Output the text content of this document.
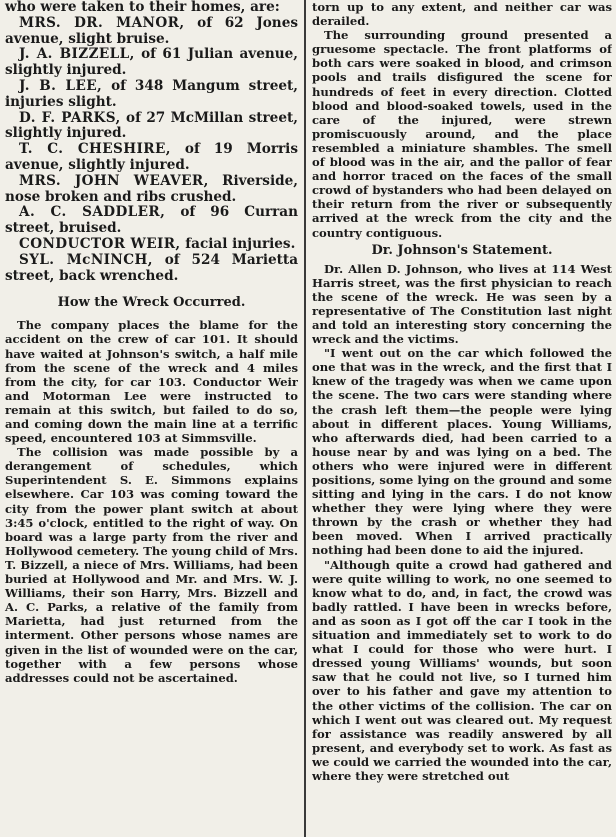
who were taken to their homes, are:

MRS. DR. MANOR, of 62 Jones avenue, slight bruise.

J. A. BIZZELL, of 61 Julian avenue, slightly injured.

J. B. LEE, of 348 Mangum street, injuries slight.

D. F. PARKS, of 27 McMillan street, slightly injured.

T. C. CHESHIRE, of 19 Morris avenue, slightly injured.

MRS. JOHN WEAVER, Riverside, nose broken and ribs crushed.

A. C. SADDLER, of 96 Curran street, bruised.

CONDUCTOR WEIR, facial injuries.

SYL. McNINCH, of 524 Marietta street, back wrenched.

How the Wreck Occurred.

The company places the blame for the accident on the crew of car 101. It should have waited at Johnson's switch, a half mile from the scene of the wreck and 4 miles from the city, for car 103. Conductor Weir and Motorman Lee were instructed to remain at this switch, but failed to do so, and coming down the main line at a terrific speed, encountered 103 at Simmsville.

The collision was made possible by a derangement of schedules, which Superintendent S. E. Simmons explains elsewhere. Car 103 was coming toward the city from the power plant switch at about 3:45 o'clock, entitled to the right of way. On board was a large party from the river and Hollywood cemetery. The young child of Mrs. T. Bizzell, a niece of Mrs. Williams, had been buried at Hollywood and Mr. and Mrs. W. J. Williams, their son Harry, Mrs. Bizzell and A. C. Parks, a relative of the family from Marietta, had just returned from the interment. Other persons whose names are given in the list of wounded were on the car, together with a few persons whose addresses could not be ascertained.

torn up to any extent, and neither car was derailed.

The surrounding ground presented a gruesome spectacle. The front platforms of both cars were soaked in blood, and crimson pools and trails disfigured the scene for hundreds of feet in every direction. Clotted blood and blood-soaked towels, used in the care of the injured, were strewn promiscuously around, and the place resembled a miniature shambles. The smell of blood was in the air, and the pallor of fear and horror traced on the faces of the small crowd of bystanders who had been delayed on their return from the river or subsequently arrived at the wreck from the city and the country contiguous.

Dr. Johnson's Statement.

Dr. Allen D. Johnson, who lives at 114 West Harris street, was the first physician to reach the scene of the wreck. He was seen by a representative of The Constitution last night and told an interesting story concerning the wreck and the victims.

"I went out on the car which followed the one that was in the wreck, and the first that I knew of the tragedy was when we came upon the scene. The two cars were standing where the crash left them—the people were lying about in different places. Young Williams, who afterwards died, had been carried to a house near by and was lying on a bed. The others who were injured were in different positions, some lying on the ground and some sitting and lying in the cars. I do not know whether they were lying where they were thrown by the crash or whether they had been moved. When I arrived practically nothing had been done to aid the injured.

"Although quite a crowd had gathered and were quite willing to work, no one seemed to know what to do, and, in fact, the crowd was badly rattled. I have been in wrecks before, and as soon as I got off the car I took in the situation and immediately set to work to do what I could for those who were hurt. I dressed young Williams' wounds, but soon saw that he could not live, so I turned him over to his father and gave my attention to the other victims of the collision. The car on which I went out was cleared out. My request for assistance was readily answered by all present, and everybody set to work. As fast as we could we carried the wounded into the car, where they were stretched out
